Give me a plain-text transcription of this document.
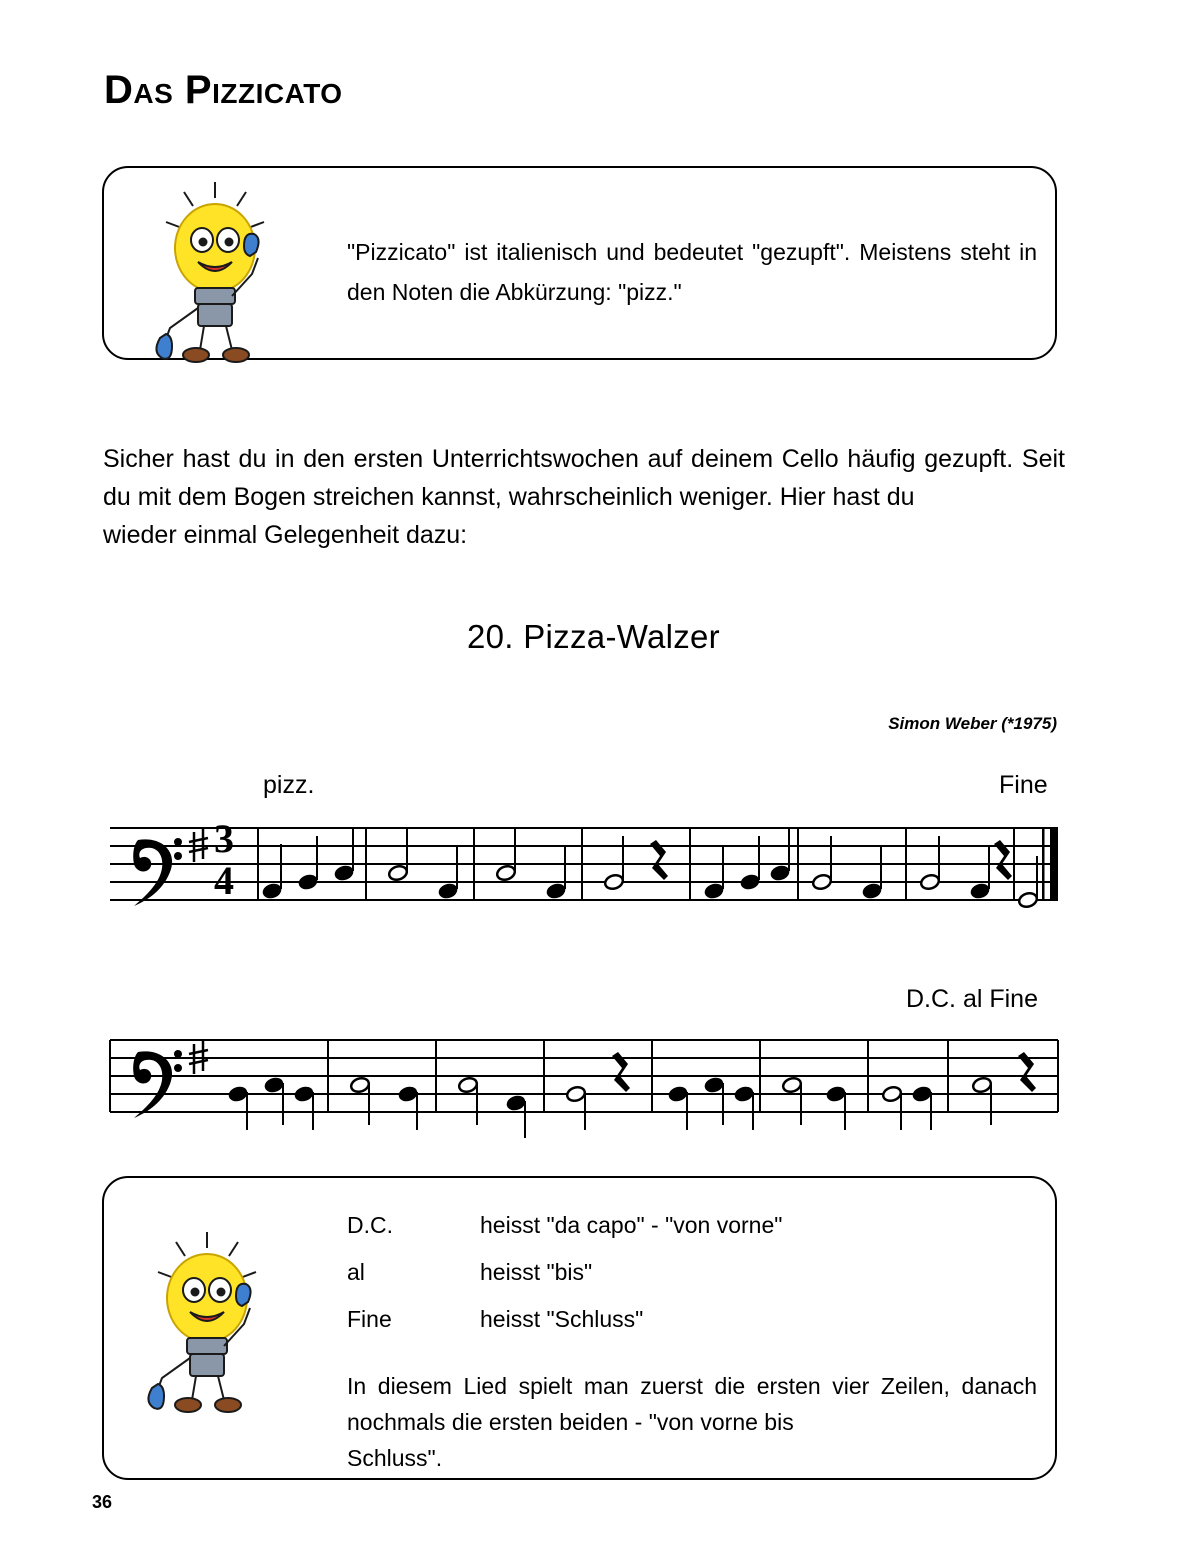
Das Pizzicato
"Pizzicato" ist italienisch und bedeutet "gezupft". Meistens steht in den Noten die Abkürzung: "pizz."
Sicher hast du in den ersten Unterrichtswochen auf deinem Cello häufig gezupft. Seit du mit dem Bogen streichen kannst, wahrscheinlich weniger. Hier hast du
wieder einmal Gelegenheit dazu:
20. Pizza-Walzer
Simon Weber (*1975)
pizz.	Fine
D.C. al Fine
3
4
D.C.	heisst "da capo" - "von vorne"
al	heisst "bis"
Fine	heisst "Schluss"
In diesem Lied spielt man zuerst die ersten vier Zeilen, danach nochmals die ersten beiden - "von vorne bis
Schluss".
36
